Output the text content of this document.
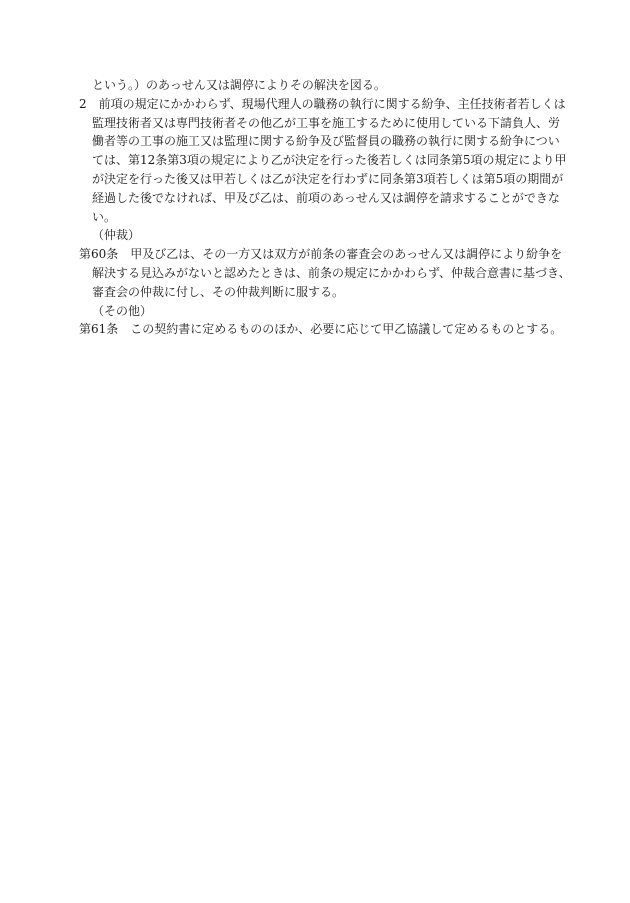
という。）のあっせん又は調停によりその解決を図る。
2　前項の規定にかかわらず、現場代理人の職務の執行に関する紛争、主任技術者若しくは
監理技術者又は専門技術者その他乙が工事を施工するために使用している下請負人、労
働者等の工事の施工又は監理に関する紛争及び監督員の職務の執行に関する紛争につい
ては、第12条第3項の規定により乙が決定を行った後若しくは同条第5項の規定により甲
が決定を行った後又は甲若しくは乙が決定を行わずに同条第3項若しくは第5項の期間が
経過した後でなければ、甲及び乙は、前項のあっせん又は調停を請求することができな
い。
（仲裁）
第60条　甲及び乙は、その一方又は双方が前条の審査会のあっせん又は調停により紛争を
解決する見込みがないと認めたときは、前条の規定にかかわらず、仲裁合意書に基づき、
審査会の仲裁に付し、その仲裁判断に服する。
（その他）
第61条　この契約書に定めるもののほか、必要に応じて甲乙協議して定めるものとする。
